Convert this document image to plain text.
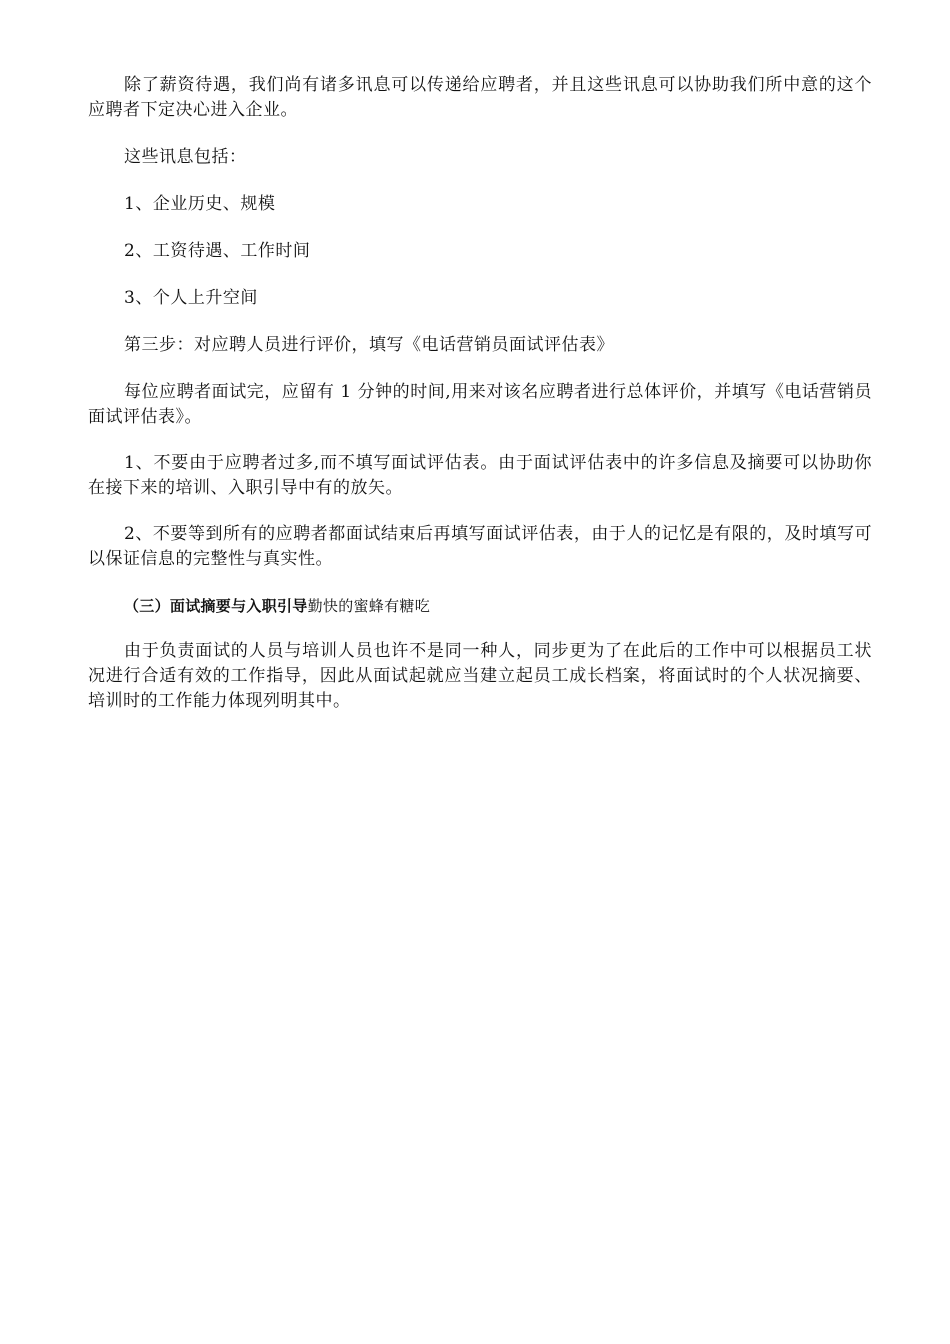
除了薪资待遇，我们尚有诸多讯息可以传递给应聘者，并且这些讯息可以协助我们所中意的这个应聘者下定决心进入企业。

这些讯息包括：

1、企业历史、规模

2、工资待遇、工作时间

3、个人上升空间

第三步：对应聘人员进行评价，填写《电话营销员面试评估表》

每位应聘者面试完，应留有 1 分钟的时间,用来对该名应聘者进行总体评价，并填写《电话营销员面试评估表》。

1、不要由于应聘者过多,而不填写面试评估表。由于面试评估表中的许多信息及摘要可以协助你在接下来的培训、入职引导中有的放矢。

2、不要等到所有的应聘者都面试结束后再填写面试评估表，由于人的记忆是有限的，及时填写可以保证信息的完整性与真实性。

（三）面试摘要与入职引导勤快的蜜蜂有糖吃

由于负责面试的人员与培训人员也许不是同一种人，同步更为了在此后的工作中可以根据员工状况进行合适有效的工作指导，因此从面试起就应当建立起员工成长档案，将面试时的个人状况摘要、培训时的工作能力体现列明其中。
